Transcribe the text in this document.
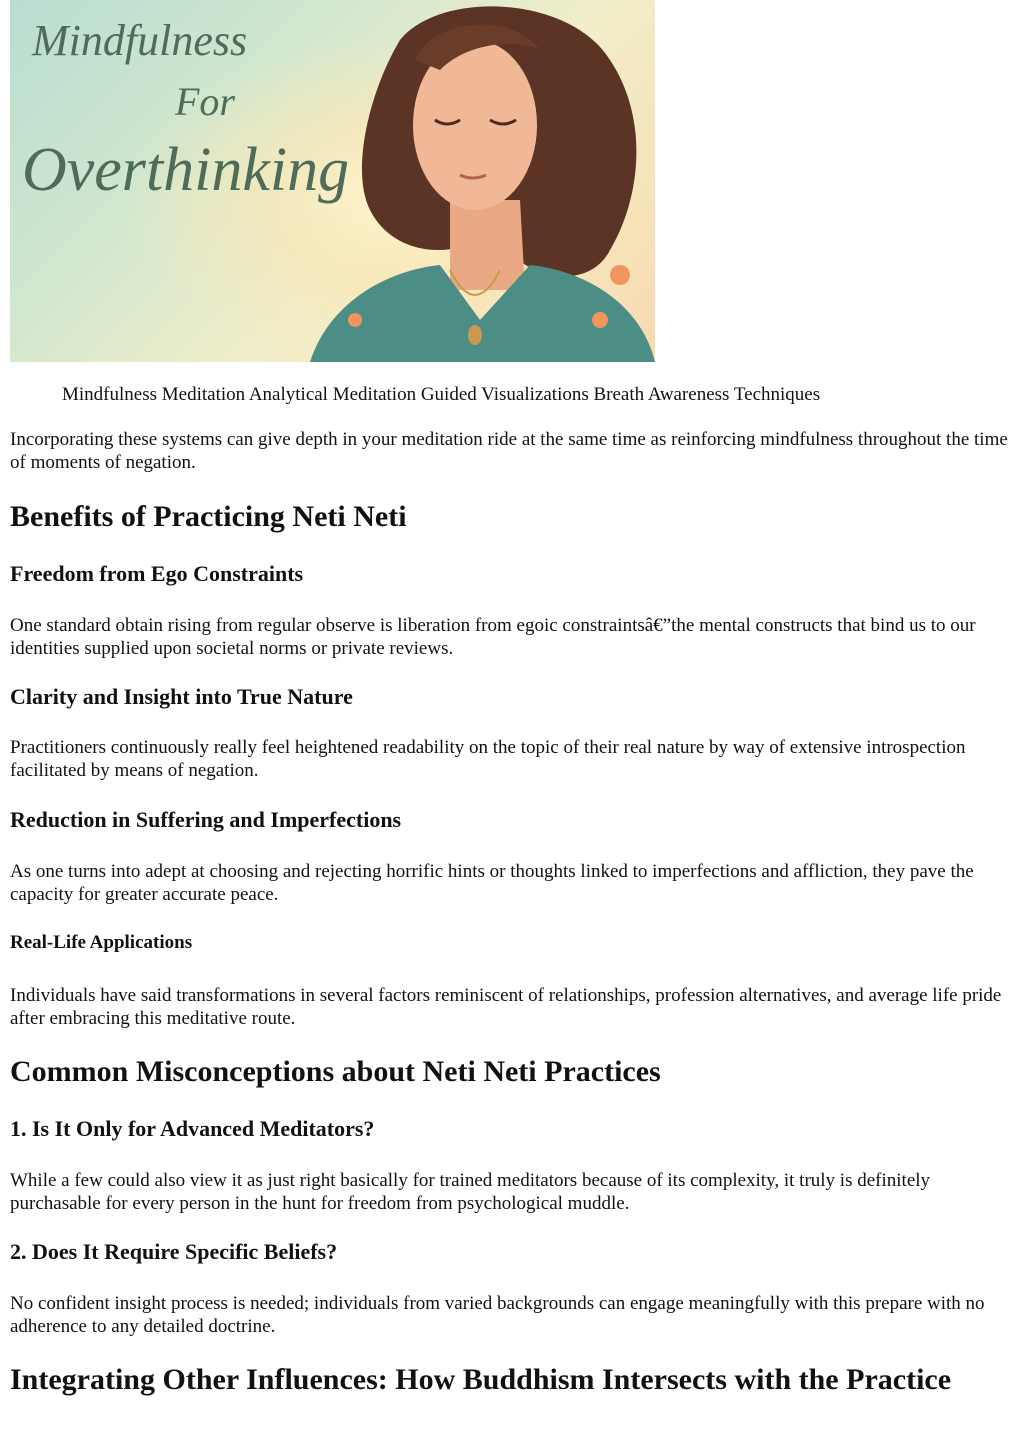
Mindfulness
For
Overthinking
Mindfulness Meditation Analytical Meditation Guided Visualizations Breath Awareness Techniques

Incorporating these systems can give depth in your meditation ride at the same time as reinforcing mindfulness throughout the time of moments of negation.

Benefits of Practicing Neti Neti
Freedom from Ego Constraints

One standard obtain rising from regular observe is liberation from egoic constraintsâ€”the mental constructs that bind us to our identities supplied upon societal norms or private reviews.

Clarity and Insight into True Nature

Practitioners continuously really feel heightened readability on the topic of their real nature by way of extensive introspection facilitated by means of negation.

Reduction in Suffering and Imperfections

As one turns into adept at choosing and rejecting horrific hints or thoughts linked to imperfections and affliction, they pave the capacity for greater accurate peace.

Real-Life Applications

Individuals have said transformations in several factors reminiscent of relationships, profession alternatives, and average life pride after embracing this meditative route.

Common Misconceptions about Neti Neti Practices
1. Is It Only for Advanced Meditators?

While a few could also view it as just right basically for trained meditators because of its complexity, it truly is definitely purchasable for every person in the hunt for freedom from psychological muddle.

2. Does It Require Specific Beliefs?

No confident insight process is needed; individuals from varied backgrounds can engage meaningfully with this prepare with no adherence to any detailed doctrine.

Integrating Other Influences: How Buddhism Intersects with the Practice
